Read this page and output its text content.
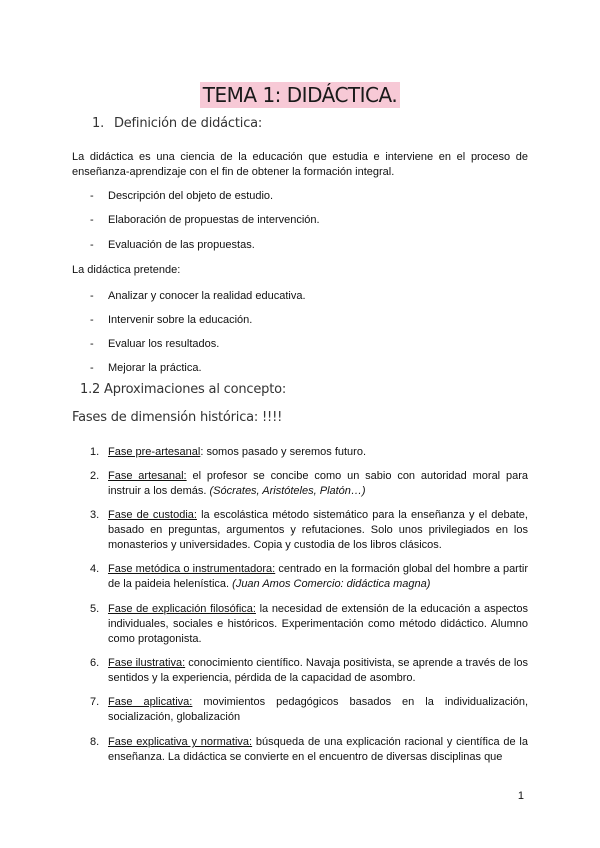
TEMA 1: DIDÁCTICA.
1. Definición de didáctica:
La didáctica es una ciencia de la educación que estudia e interviene en el proceso de enseñanza-aprendizaje con el fin de obtener la formación integral.
- Descripción del objeto de estudio.
- Elaboración de propuestas de intervención.
- Evaluación de las propuestas.
La didáctica pretende:
- Analizar y conocer la realidad educativa.
- Intervenir sobre la educación.
- Evaluar los resultados.
- Mejorar la práctica.
1.2 Aproximaciones al concepto:
Fases de dimensión histórica: !!!!
1. Fase pre-artesanal: somos pasado y seremos futuro.
2. Fase artesanal: el profesor se concibe como un sabio con autoridad moral para instruir a los demás. (Sócrates, Aristóteles, Platón…)
3. Fase de custodia: la escolástica método sistemático para la enseñanza y el debate, basado en preguntas, argumentos y refutaciones. Solo unos privilegiados en los monasterios y universidades. Copia y custodia de los libros clásicos.
4. Fase metódica o instrumentadora: centrado en la formación global del hombre a partir de la paideia helenística. (Juan Amos Comercio: didáctica magna)
5. Fase de explicación filosófica: la necesidad de extensión de la educación a aspectos individuales, sociales e históricos. Experimentación como método didáctico. Alumno como protagonista.
6. Fase ilustrativa: conocimiento científico. Navaja positivista, se aprende a través de los sentidos y la experiencia, pérdida de la capacidad de asombro.
7. Fase aplicativa: movimientos pedagógicos basados en la individualización, socialización, globalización
8. Fase explicativa y normativa: búsqueda de una explicación racional y científica de la enseñanza. La didáctica se convierte en el encuentro de diversas disciplinas que
1
